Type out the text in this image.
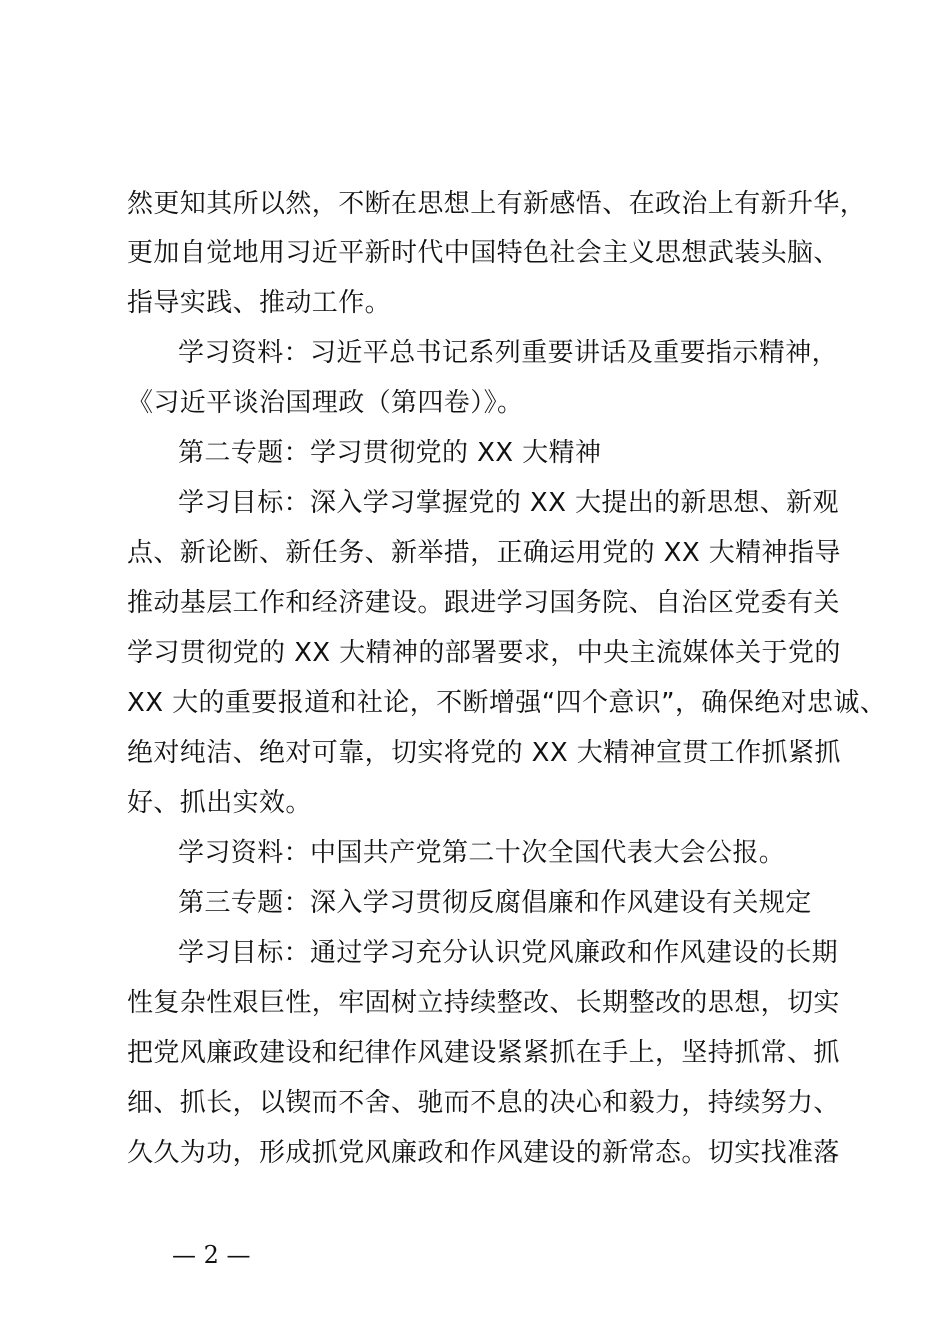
然更知其所以然，不断在思想上有新感悟、在政治上有新升华，
更加自觉地用习近平新时代中国特色社会主义思想武装头脑、
指导实践、推动工作。
学习资料：习近平总书记系列重要讲话及重要指示精神，
《习近平谈治国理政（第四卷）》。
第二专题：学习贯彻党的 XX 大精神
学习目标：深入学习掌握党的 XX 大提出的新思想、新观
点、新论断、新任务、新举措，正确运用党的 XX 大精神指导
推动基层工作和经济建设。跟进学习国务院、自治区党委有关
学习贯彻党的 XX 大精神的部署要求，中央主流媒体关于党的
XX 大的重要报道和社论，不断增强“四个意识”，确保绝对忠诚、
绝对纯洁、绝对可靠，切实将党的 XX 大精神宣贯工作抓紧抓
好、抓出实效。
学习资料：中国共产党第二十次全国代表大会公报。
第三专题：深入学习贯彻反腐倡廉和作风建设有关规定
学习目标：通过学习充分认识党风廉政和作风建设的长期
性复杂性艰巨性，牢固树立持续整改、长期整改的思想，切实
把党风廉政建设和纪律作风建设紧紧抓在手上，坚持抓常、抓
细、抓长，以锲而不舍、驰而不息的决心和毅力，持续努力、
久久为功，形成抓党风廉政和作风建设的新常态。切实找准落
— 2 —
